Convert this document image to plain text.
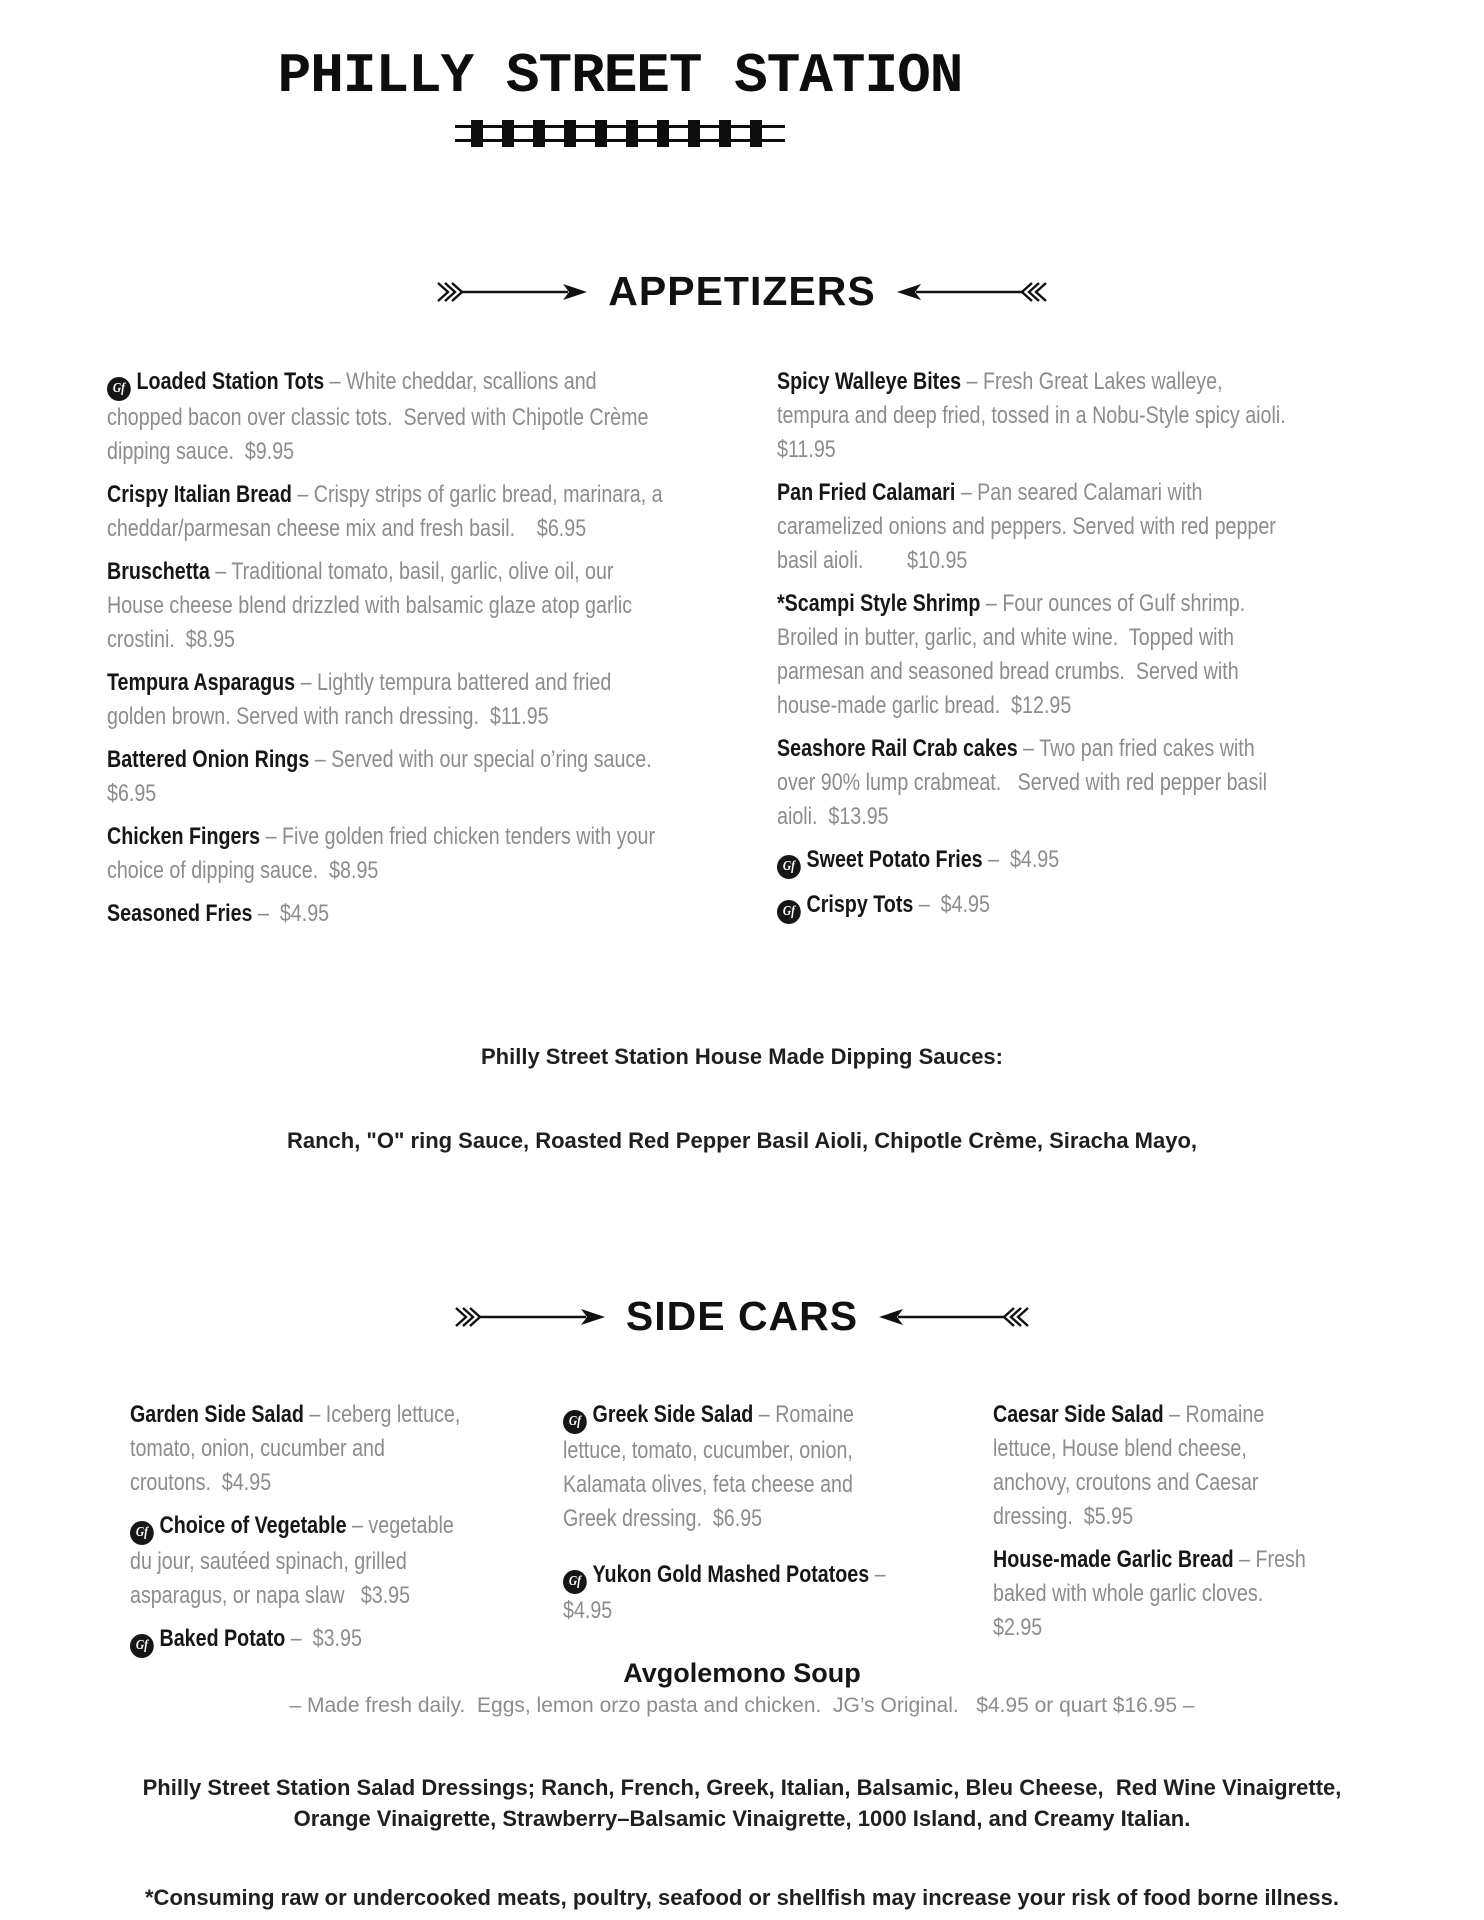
PHILLY STREET STATION
APPETIZERS
Gf Loaded Station Tots – White cheddar, scallions and chopped bacon over classic tots.  Served with Chipotle Crème dipping sauce.  $9.95
Crispy Italian Bread – Crispy strips of garlic bread, marinara, a cheddar/parmesan cheese mix and fresh basil.    $6.95
Bruschetta – Traditional tomato, basil, garlic, olive oil, our House cheese blend drizzled with balsamic glaze atop garlic crostini.  $8.95
Tempura Asparagus – Lightly tempura battered and fried golden brown. Served with ranch dressing.  $11.95
Battered Onion Rings – Served with our special o’ring sauce.  $6.95
Chicken Fingers – Five golden fried chicken tenders with your choice of dipping sauce.  $8.95
Seasoned Fries –  $4.95
Spicy Walleye Bites – Fresh Great Lakes walleye, tempura and deep fried, tossed in a Nobu-Style spicy aioli.  $11.95
Pan Fried Calamari – Pan seared Calamari with caramelized onions and peppers. Served with red pepper basil aioli.        $10.95
*Scampi Style Shrimp – Four ounces of Gulf shrimp. Broiled in butter, garlic, and white wine.  Topped with parmesan and seasoned bread crumbs.  Served with house-made garlic bread.  $12.95
Seashore Rail Crab cakes – Two pan fried cakes with over 90% lump crabmeat.   Served with red pepper basil aioli.  $13.95
Gf Sweet Potato Fries –  $4.95
Gf Crispy Tots –  $4.95

Philly Street Station House Made Dipping Sauces:

Ranch, "O" ring Sauce, Roasted Red Pepper Basil Aioli, Chipotle Crème, Siracha Mayo,

SIDE CARS
Garden Side Salad – Iceberg lettuce, tomato, onion, cucumber and croutons.  $4.95
Gf Choice of Vegetable – vegetable du jour, sautéed spinach, grilled asparagus, or napa slaw   $3.95
Gf Baked Potato –  $3.95
Gf Greek Side Salad – Romaine lettuce, tomato, cucumber, onion, Kalamata olives, feta cheese and Greek dressing.  $6.95
Gf Yukon Gold Mashed Potatoes – $4.95
Caesar Side Salad – Romaine lettuce, House blend cheese, anchovy, croutons and Caesar dressing.  $5.95
House-made Garlic Bread – Fresh baked with whole garlic cloves. $2.95
Avgolemono Soup
– Made fresh daily.  Eggs, lemon orzo pasta and chicken.  JG’s Original.   $4.95 or quart $16.95 –
Philly Street Station Salad Dressings; Ranch, French, Greek, Italian, Balsamic, Bleu Cheese,  Red Wine Vinaigrette, Orange Vinaigrette, Strawberry–Balsamic Vinaigrette, 1000 Island, and Creamy Italian.
*Consuming raw or undercooked meats, poultry, seafood or shellfish may increase your risk of food borne illness.
